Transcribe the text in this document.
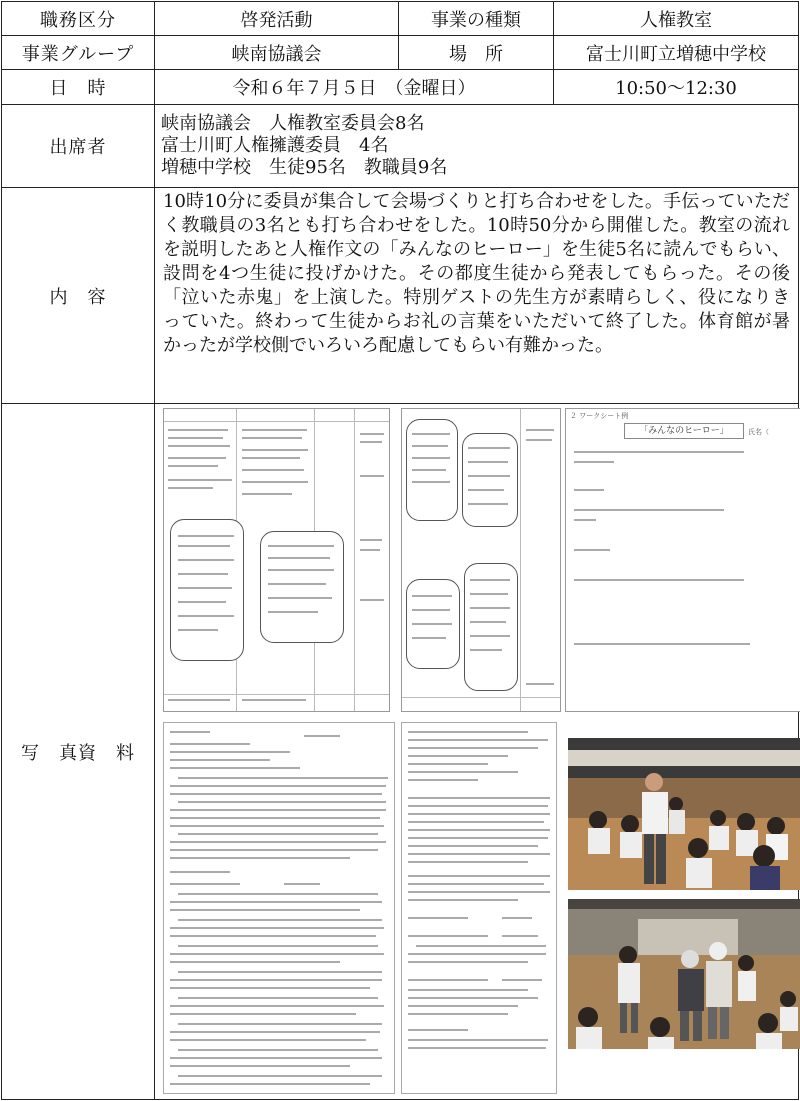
職務区分	啓発活動	事業の種類	人権教室
事業グループ	峡南協議会	場　所	富士川町立増穂中学校
日　時	令和６年７月５日　（金曜日）		10:50～12:30
出席者	峡南協議会　人権教室委員会8名
富士川町人権擁護委員　4名
増穂中学校　生徒95名　教職員9名		

内　容	10時10分に委員が集合して会場づくりと打ち合わせをした。手伝っていただく教職員の3名とも打ち合わせをした。10時50分から開催した。教室の流れを説明したあと人権作文の「みんなのヒーロー」を生徒5名に読んでもらい、設問を4つ生徒に投げかけた。その都度生徒から発表してもらった。その後「泣いた赤鬼」を上演した。特別ゲストの先生方が素晴らしく、役になりきっていた。終わって生徒からお礼の言葉をいただいて終了した。体育館が暑かったが学校側でいろいろ配慮してもらい有難かった。		
写　真資　料	２ ワークシート例
「みんなのヒーロー」 氏名（		
